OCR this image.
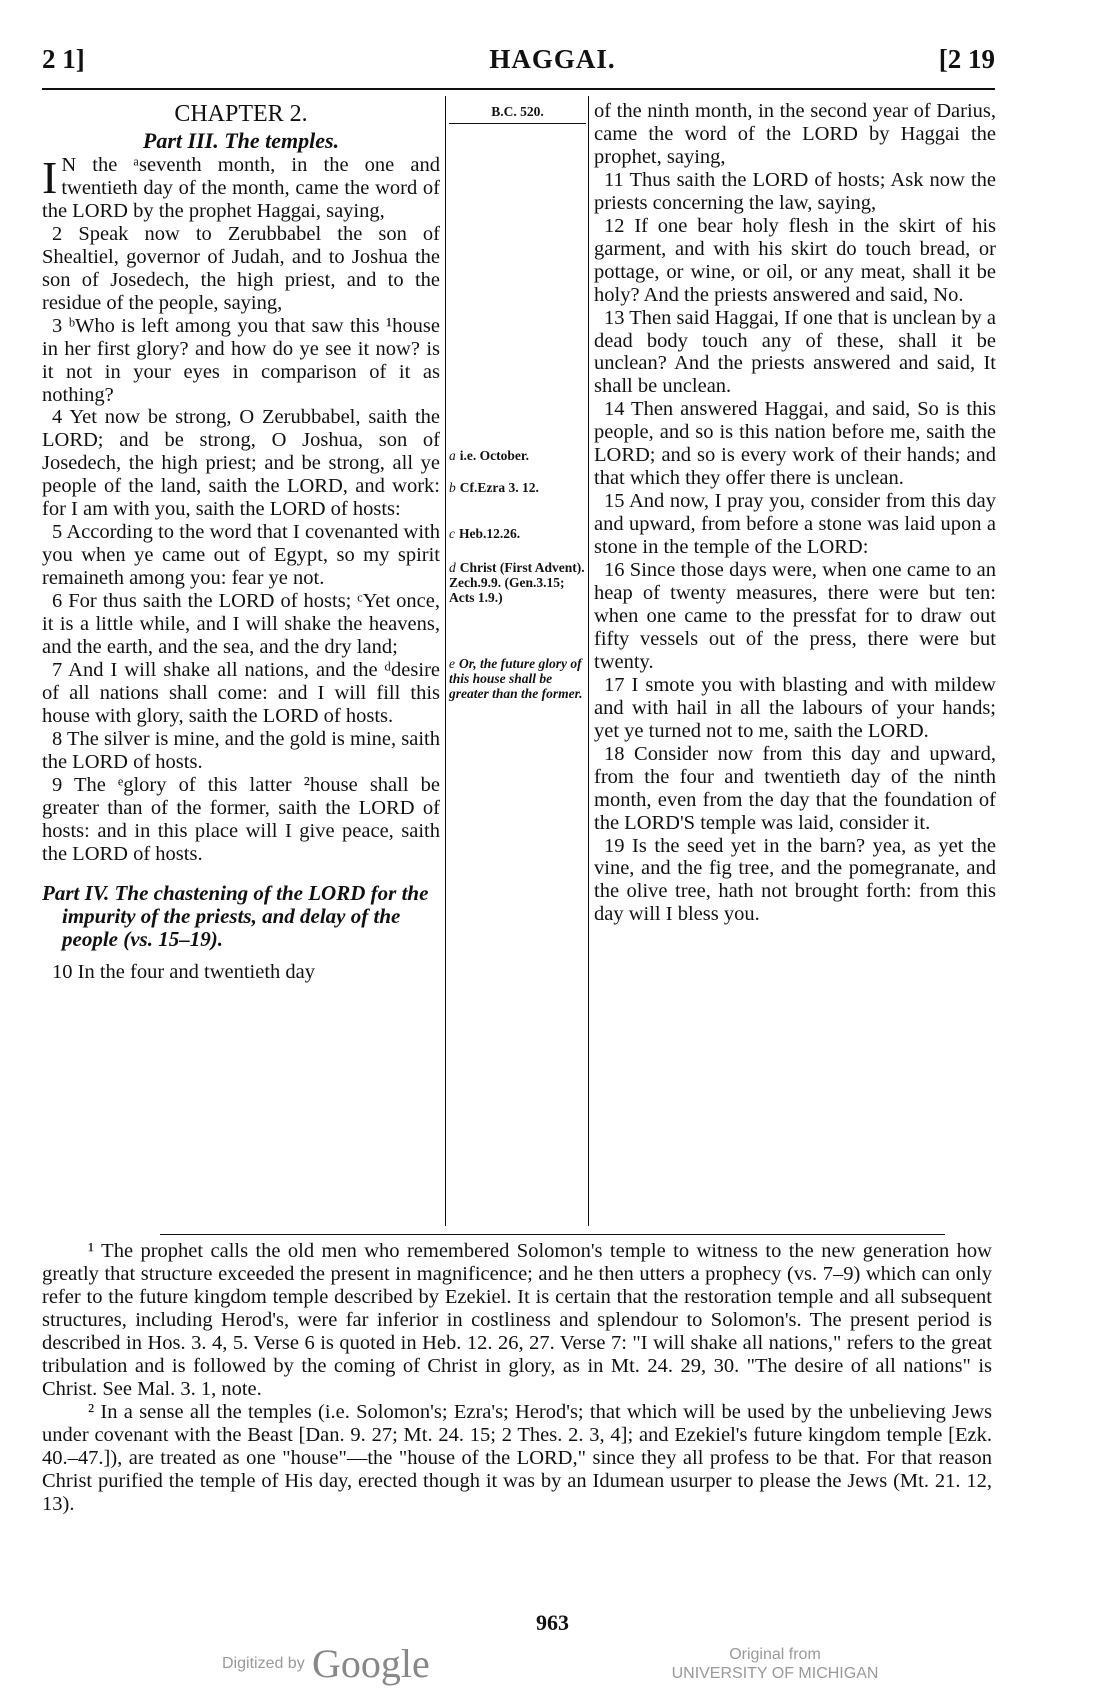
2 1]	HAGGAI.	[2 19

CHAPTER 2.

Part III. The temples.

I N the ᵃseventh month, in the one and twentieth day of the month, came the word of the LORD by the prophet Haggai, saying,

2 Speak now to Zerubbabel the son of Shealtiel, governor of Judah, and to Joshua the son of Josedech, the high priest, and to the residue of the people, saying,

3 ᵇWho is left among you that saw this ¹house in her first glory? and how do ye see it now? is it not in your eyes in comparison of it as nothing?

4 Yet now be strong, O Zerubbabel, saith the LORD; and be strong, O Joshua, son of Josedech, the high priest; and be strong, all ye people of the land, saith the LORD, and work: for I am with you, saith the LORD of hosts:

5 According to the word that I covenanted with you when ye came out of Egypt, so my spirit remaineth among you: fear ye not.

6 For thus saith the LORD of hosts; ᶜYet once, it is a little while, and I will shake the heavens, and the earth, and the sea, and the dry land;

7 And I will shake all nations, and the ᵈdesire of all nations shall come: and I will fill this house with glory, saith the LORD of hosts.

8 The silver is mine, and the gold is mine, saith the LORD of hosts.

9 The ᵉglory of this latter ²house shall be greater than of the former, saith the LORD of hosts: and in this place will I give peace, saith the LORD of hosts.

Part IV. The chastening of the LORD for the impurity of the priests, and delay of the people (vs. 15–19).

10 In the four and twentieth day

B.C. 520.
a i.e. October.
b Cf.Ezra 3. 12.
c Heb.12.26.
d Christ (First Advent). Zech.9.9. (Gen.3.15; Acts 1.9.)
e Or, the future glory of this house shall be greater than the former.

of the ninth month, in the second year of Darius, came the word of the LORD by Haggai the prophet, saying,

11 Thus saith the LORD of hosts; Ask now the priests concerning the law, saying,

12 If one bear holy flesh in the skirt of his garment, and with his skirt do touch bread, or pottage, or wine, or oil, or any meat, shall it be holy? And the priests answered and said, No.

13 Then said Haggai, If one that is unclean by a dead body touch any of these, shall it be unclean? And the priests answered and said, It shall be unclean.

14 Then answered Haggai, and said, So is this people, and so is this nation before me, saith the LORD; and so is every work of their hands; and that which they offer there is unclean.

15 And now, I pray you, consider from this day and upward, from before a stone was laid upon a stone in the temple of the LORD:

16 Since those days were, when one came to an heap of twenty measures, there were but ten: when one came to the pressfat for to draw out fifty vessels out of the press, there were but twenty.

17 I smote you with blasting and with mildew and with hail in all the labours of your hands; yet ye turned not to me, saith the LORD.

18 Consider now from this day and upward, from the four and twentieth day of the ninth month, even from the day that the foundation of the LORD'S temple was laid, consider it.

19 Is the seed yet in the barn? yea, as yet the vine, and the fig tree, and the pomegranate, and the olive tree, hath not brought forth: from this day will I bless you.

¹ The prophet calls the old men who remembered Solomon's temple to witness to the new generation how greatly that structure exceeded the present in magnificence; and he then utters a prophecy (vs. 7–9) which can only refer to the future kingdom temple described by Ezekiel. It is certain that the restoration temple and all subsequent structures, including Herod's, were far inferior in costliness and splendour to Solomon's. The present period is described in Hos. 3. 4, 5. Verse 6 is quoted in Heb. 12. 26, 27. Verse 7: "I will shake all nations," refers to the great tribulation and is followed by the coming of Christ in glory, as in Mt. 24. 29, 30. "The desire of all nations" is Christ. See Mal. 3. 1, note.

² In a sense all the temples (i.e. Solomon's; Ezra's; Herod's; that which will be used by the unbelieving Jews under covenant with the Beast [Dan. 9. 27; Mt. 24. 15; 2 Thes. 2. 3, 4]; and Ezekiel's future kingdom temple [Ezk. 40.–47.]), are treated as one "house"—the "house of the LORD," since they all profess to be that. For that reason Christ purified the temple of His day, erected though it was by an Idumean usurper to please the Jews (Mt. 21. 12, 13).

963
Digitized by Google	Original from
UNIVERSITY OF MICHIGAN
